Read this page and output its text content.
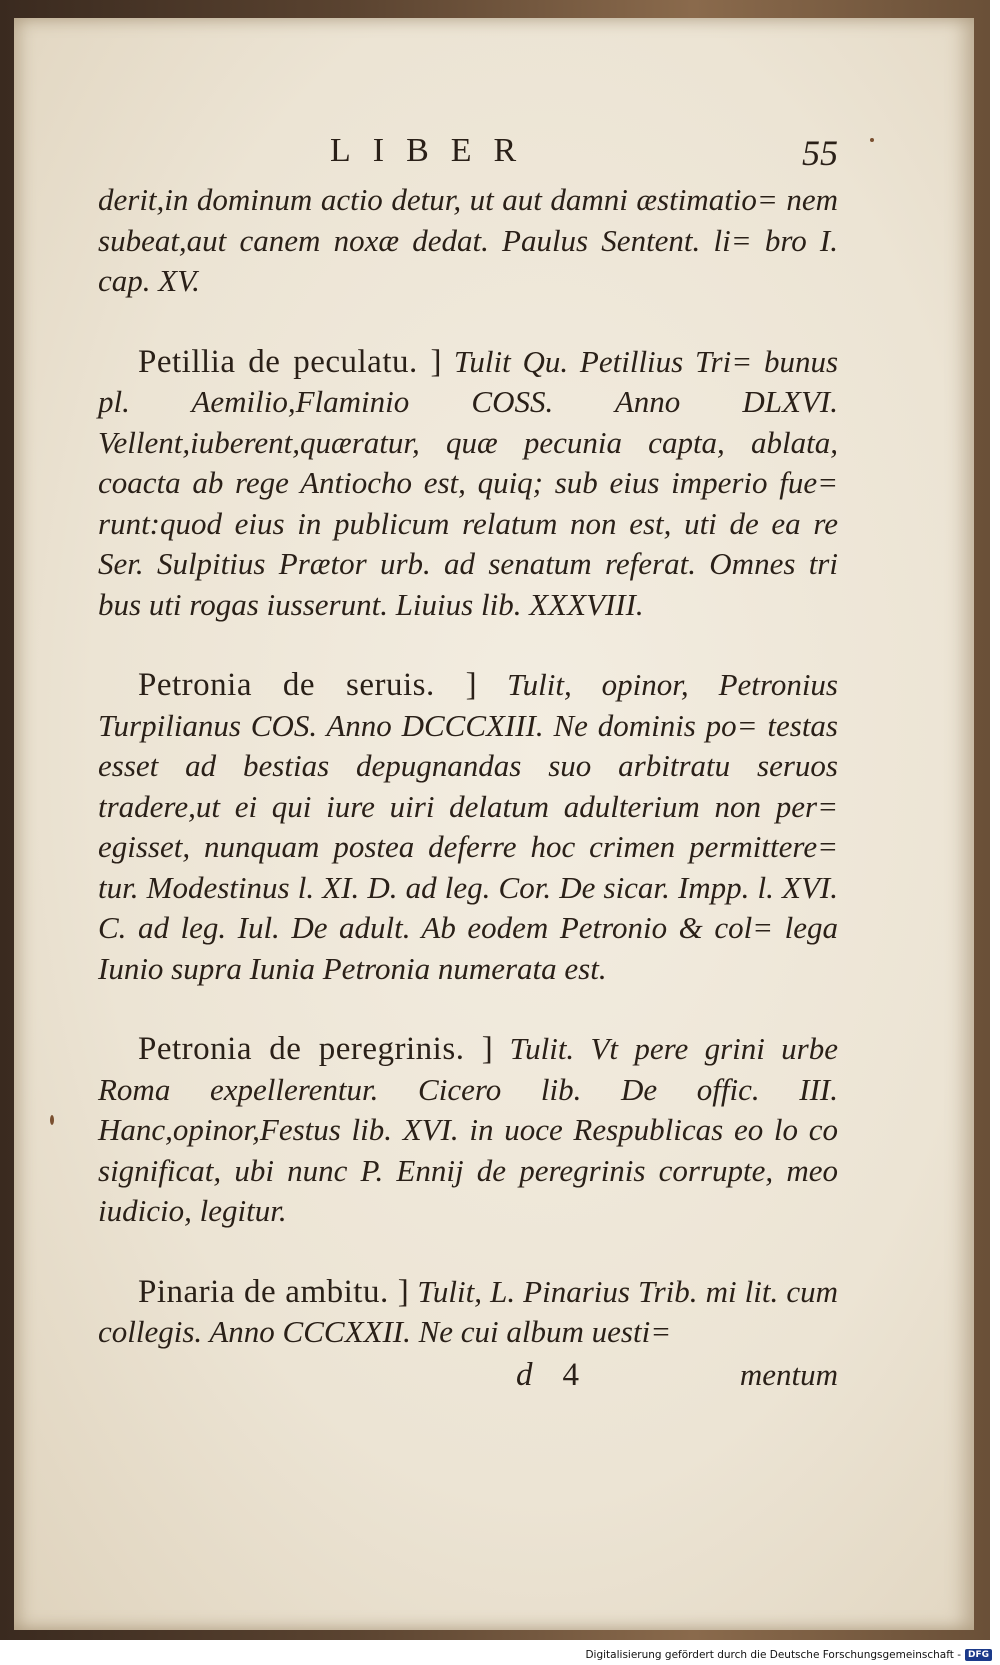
LIBER	55

derit,in dominum actio detur, ut aut damni æstimatio= nem subeat,aut canem noxæ dedat. Paulus Sentent. li= bro I. cap. XV.

Petillia de peculatu. ] Tulit Qu. Petillius Tri= bunus pl. Aemilio,Flaminio COSS. Anno DLXVI. Vellent,iuberent,quæratur, quæ pecunia capta, ablata, coacta ab rege Antiocho est, quiq; sub eius imperio fue= runt:quod eius in publicum relatum non est, uti de ea re Ser. Sulpitius Prætor urb. ad senatum referat. Omnes tri bus uti rogas iusserunt. Liuius lib. XXXVIII.

Petronia de seruis. ] Tulit, opinor, Petronius Turpilianus COS. Anno DCCCXIII. Ne dominis po= testas esset ad bestias depugnandas suo arbitratu seruos tradere,ut ei qui iure uiri delatum adulterium non per= egisset, nunquam postea deferre hoc crimen permittere= tur. Modestinus l. XI. D. ad leg. Cor. De sicar. Impp. l. XVI. C. ad leg. Iul. De adult. Ab eodem Petronio & col= lega Iunio supra Iunia Petronia numerata est.

Petronia de peregrinis. ] Tulit. Vt pere grini urbe Roma expellerentur. Cicero lib. De offic. III. Hanc,opinor,Festus lib. XVI. in uoce Respublicas eo lo co significat, ubi nunc P. Ennij de peregrinis corrupte, meo iudicio, legitur.

Pinaria de ambitu. ] Tulit, L. Pinarius Trib. mi lit. cum collegis. Anno CCCXXII. Ne cui album uesti=

d 4	mentum
Digitalisierung gefördert durch die Deutsche Forschungsgemeinschaft - DFG
